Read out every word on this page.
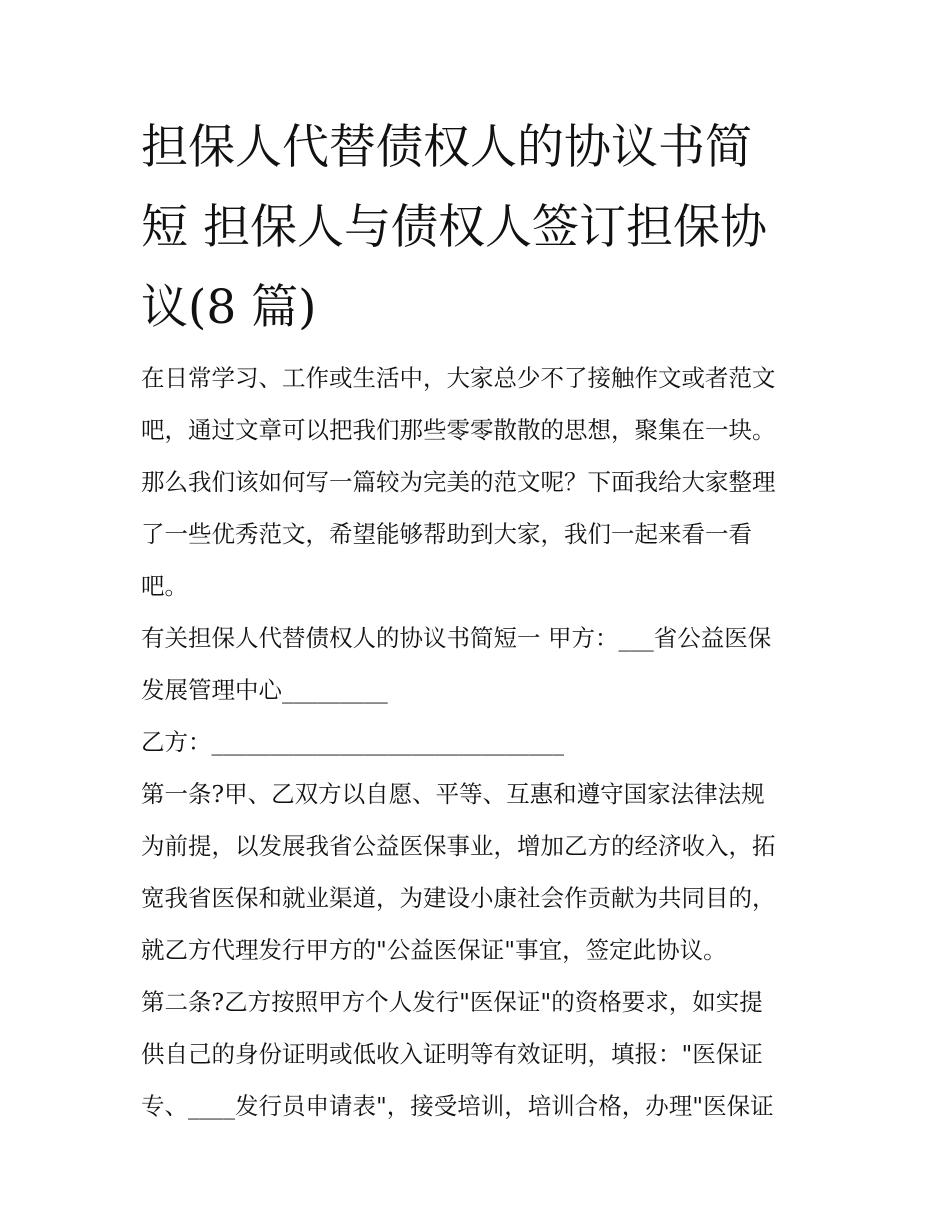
担保人代替债权人的协议书简
短 担保人与债权人签订担保协
议(8 篇)
在日常学习、工作或生活中，大家总少不了接触作文或者范文
吧，通过文章可以把我们那些零零散散的思想，聚集在一块。
那么我们该如何写一篇较为完美的范文呢？下面我给大家整理
了一些优秀范文，希望能够帮助到大家，我们一起来看一看
吧。
有关担保人代替债权人的协议书简短一 甲方：___省公益医保
发展管理中心_________
乙方：______________________________
第一条?甲、乙双方以自愿、平等、互惠和遵守国家法律法规
为前提，以发展我省公益医保事业，增加乙方的经济收入，拓
宽我省医保和就业渠道，为建设小康社会作贡献为共同目的，
就乙方代理发行甲方的"公益医保证"事宜，签定此协议。
第二条?乙方按照甲方个人发行"医保证"的资格要求，如实提
供自己的身份证明或低收入证明等有效证明，填报："医保证
专、____发行员申请表"，接受培训，培训合格，办理"医保证
